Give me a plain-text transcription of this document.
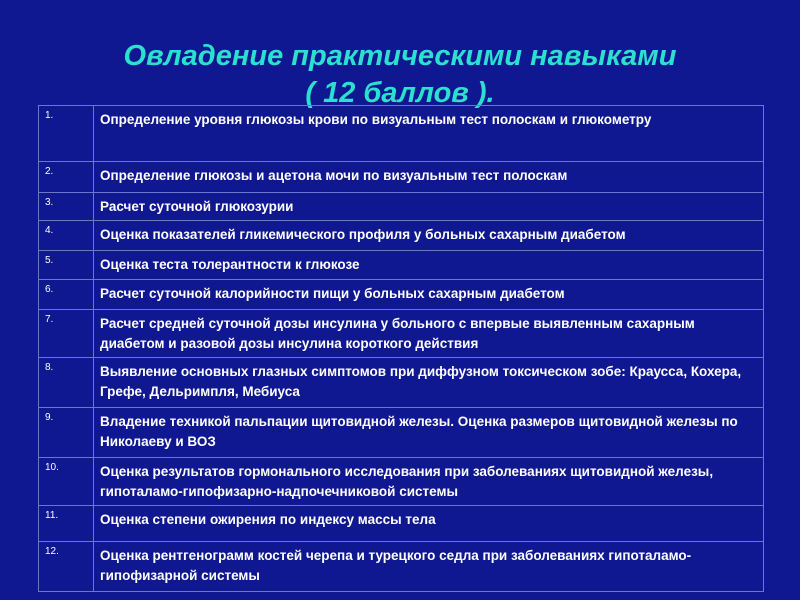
Овладение практическими навыками
( 12 баллов ).
1.	Определение уровня глюкозы крови по визуальным тест полоскам и глюкометру
2.	Определение глюкозы и ацетона мочи по визуальным тест полоскам
3.	Расчет суточной глюкозурии
4.	Оценка показателей гликемического профиля у больных сахарным диабетом
5.	Оценка теста толерантности к глюкозе
6.	Расчет суточной калорийности пищи у больных сахарным диабетом
7.	Расчет средней суточной дозы инсулина у больного с впервые выявленным сахарным диабетом и разовой дозы инсулина короткого действия
8.	Выявление основных глазных симптомов при диффузном токсическом зобе: Краусса, Кохера, Грефе, Дельримпля, Мебиуса
9.	Владение техникой пальпации щитовидной железы. Оценка размеров щитовидной железы по Николаеву и ВОЗ
10.	Оценка результатов гормонального исследования при заболеваниях щитовидной железы, гипоталамо-гипофизарно-надпочечниковой системы
11.	Оценка степени ожирения по индексу массы тела
12.	Оценка рентгенограмм костей черепа и турецкого седла при заболеваниях гипоталамо-гипофизарной системы
